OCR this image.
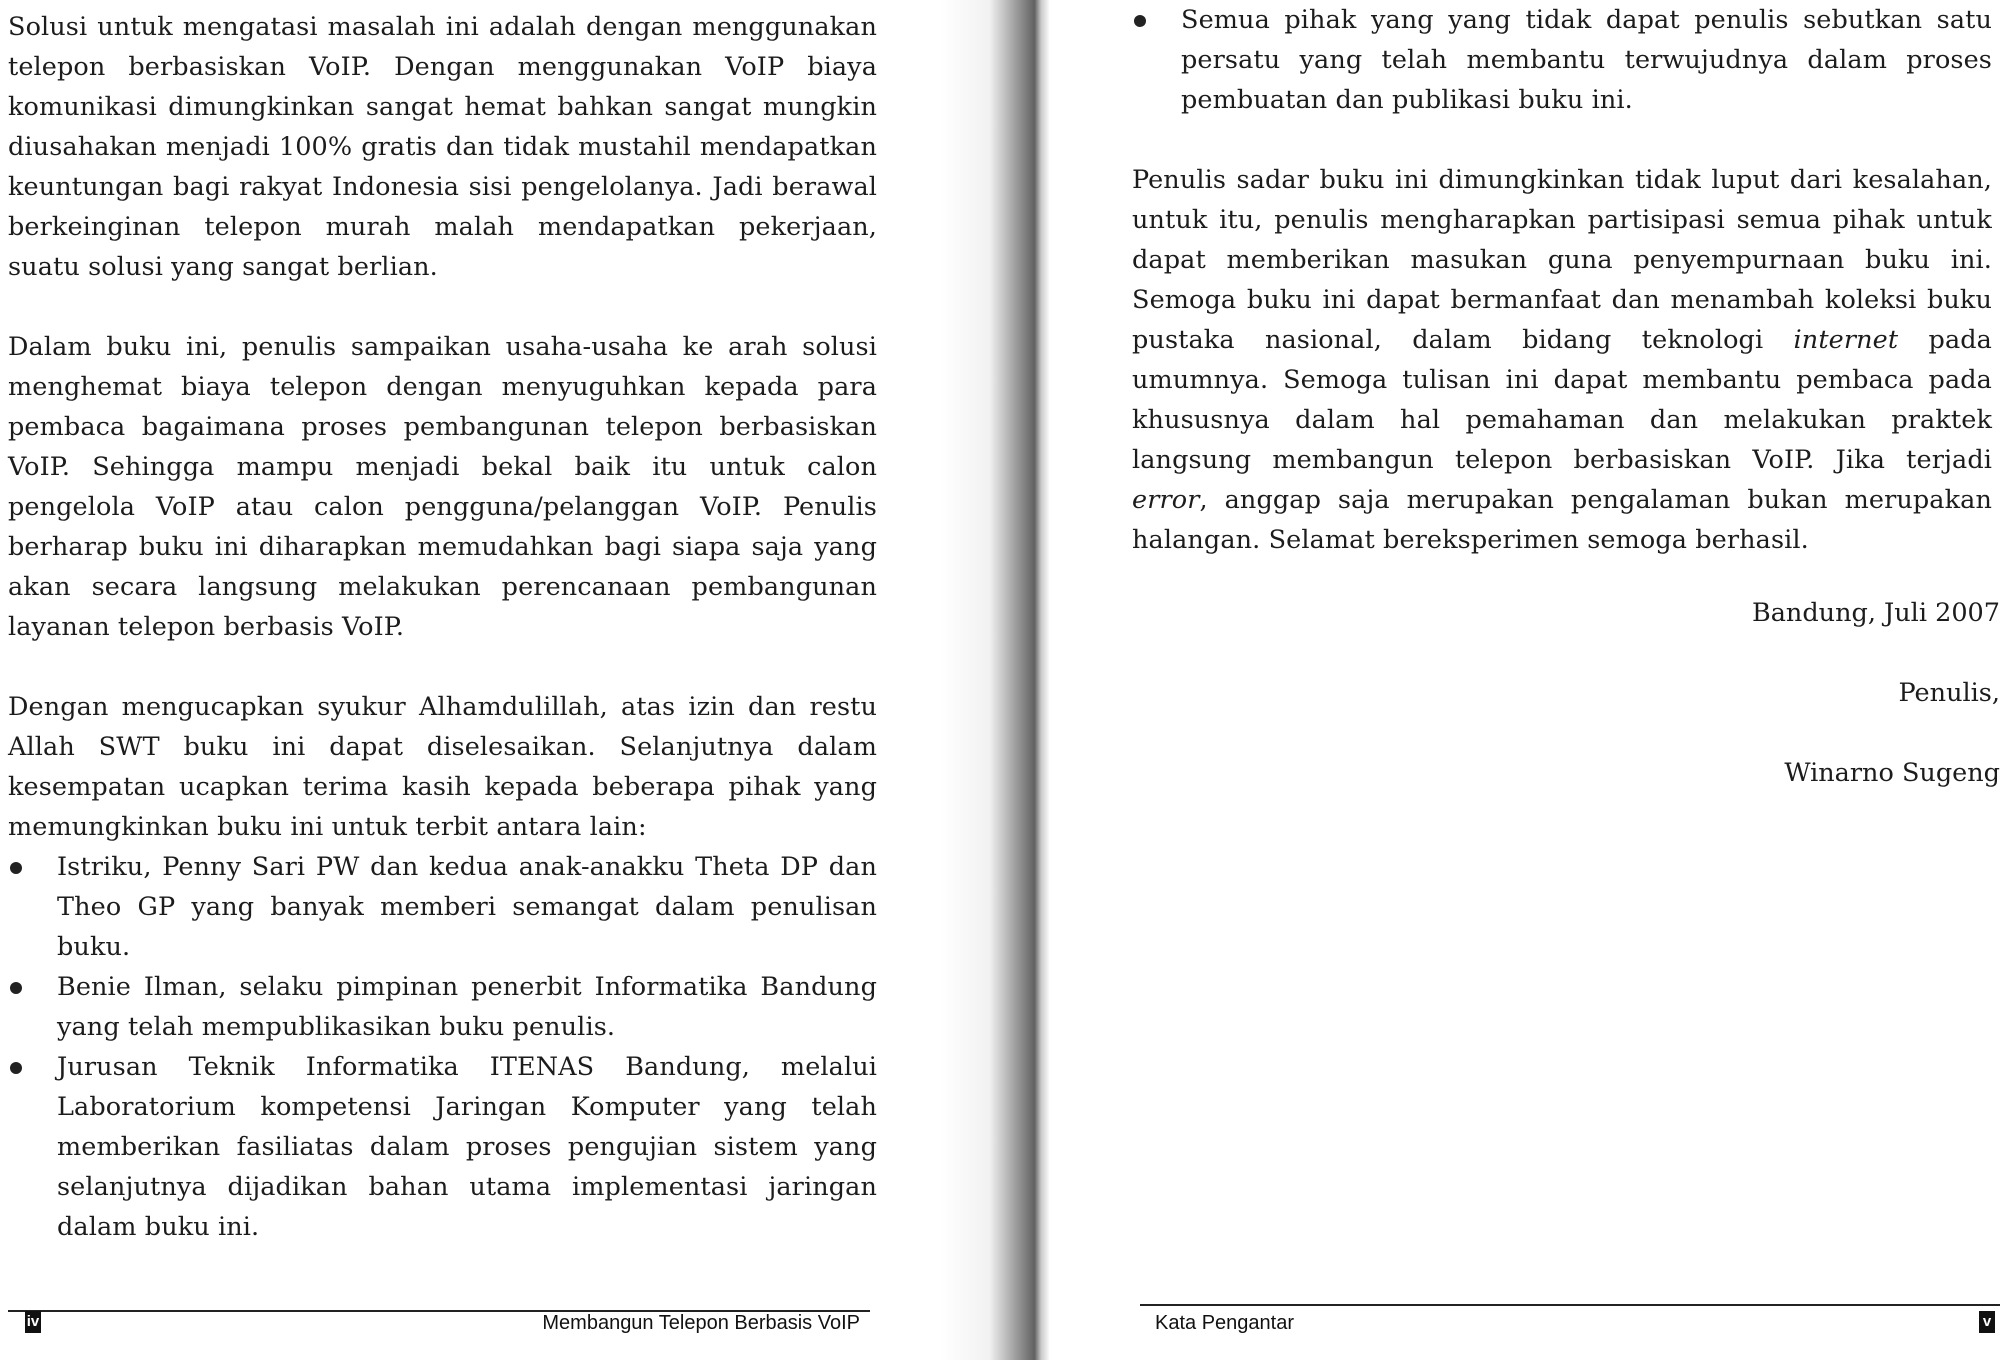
Solusi untuk mengatasi masalah ini adalah dengan menggunakan telepon berbasiskan VoIP. Dengan menggunakan VoIP biaya komunikasi dimungkinkan sangat hemat bahkan sangat mungkin diusahakan menjadi 100% gratis dan tidak mustahil mendapatkan keuntungan bagi rakyat Indonesia sisi pengelolanya. Jadi berawal berkeinginan telepon murah malah mendapatkan pekerjaan, suatu solusi yang sangat berlian.

Dalam buku ini, penulis sampaikan usaha-usaha ke arah solusi menghemat biaya telepon dengan menyuguhkan kepada para pembaca bagaimana proses pembangunan telepon berbasiskan VoIP. Sehingga mampu menjadi bekal baik itu untuk calon pengelola VoIP atau calon pengguna/pelanggan VoIP. Penulis berharap buku ini diharapkan memudahkan bagi siapa saja yang akan secara langsung melakukan perencanaan pembangunan layanan telepon berbasis VoIP.

Dengan mengucapkan syukur Alhamdulillah, atas izin dan restu Allah SWT buku ini dapat diselesaikan. Selanjutnya dalam kesempatan ucapkan terima kasih kepada beberapa pihak yang memungkinkan buku ini untuk terbit antara lain:

Istriku, Penny Sari PW dan kedua anak-anakku Theta DP dan Theo GP yang banyak memberi semangat dalam penulisan buku.
Benie Ilman, selaku pimpinan penerbit Informatika Bandung yang telah mempublikasikan buku penulis.
Jurusan Teknik Informatika ITENAS Bandung, melalui Laboratorium kompetensi Jaringan Komputer yang telah memberikan fasiliatas dalam proses pengujian sistem yang selanjutnya dijadikan bahan utama implementasi jaringan dalam buku ini.
iv	Membangun Telepon Berbasis VoIP
Semua pihak yang yang tidak dapat penulis sebutkan satu persatu yang telah membantu terwujudnya dalam proses pembuatan dan publikasi buku ini.

Penulis sadar buku ini dimungkinkan tidak luput dari kesalahan, untuk itu, penulis mengharapkan partisipasi semua pihak untuk dapat memberikan masukan guna penyempurnaan buku ini. Semoga buku ini dapat bermanfaat dan menambah koleksi buku pustaka nasional, dalam bidang teknologi internet pada umumnya. Semoga tulisan ini dapat membantu pembaca pada khususnya dalam hal pemahaman dan melakukan praktek langsung membangun telepon berbasiskan VoIP. Jika terjadi error, anggap saja merupakan pengalaman bukan merupakan halangan. Selamat bereksperimen semoga berhasil.

Bandung, Juli 2007
Penulis,
Winarno Sugeng
Kata Pengantar	v
